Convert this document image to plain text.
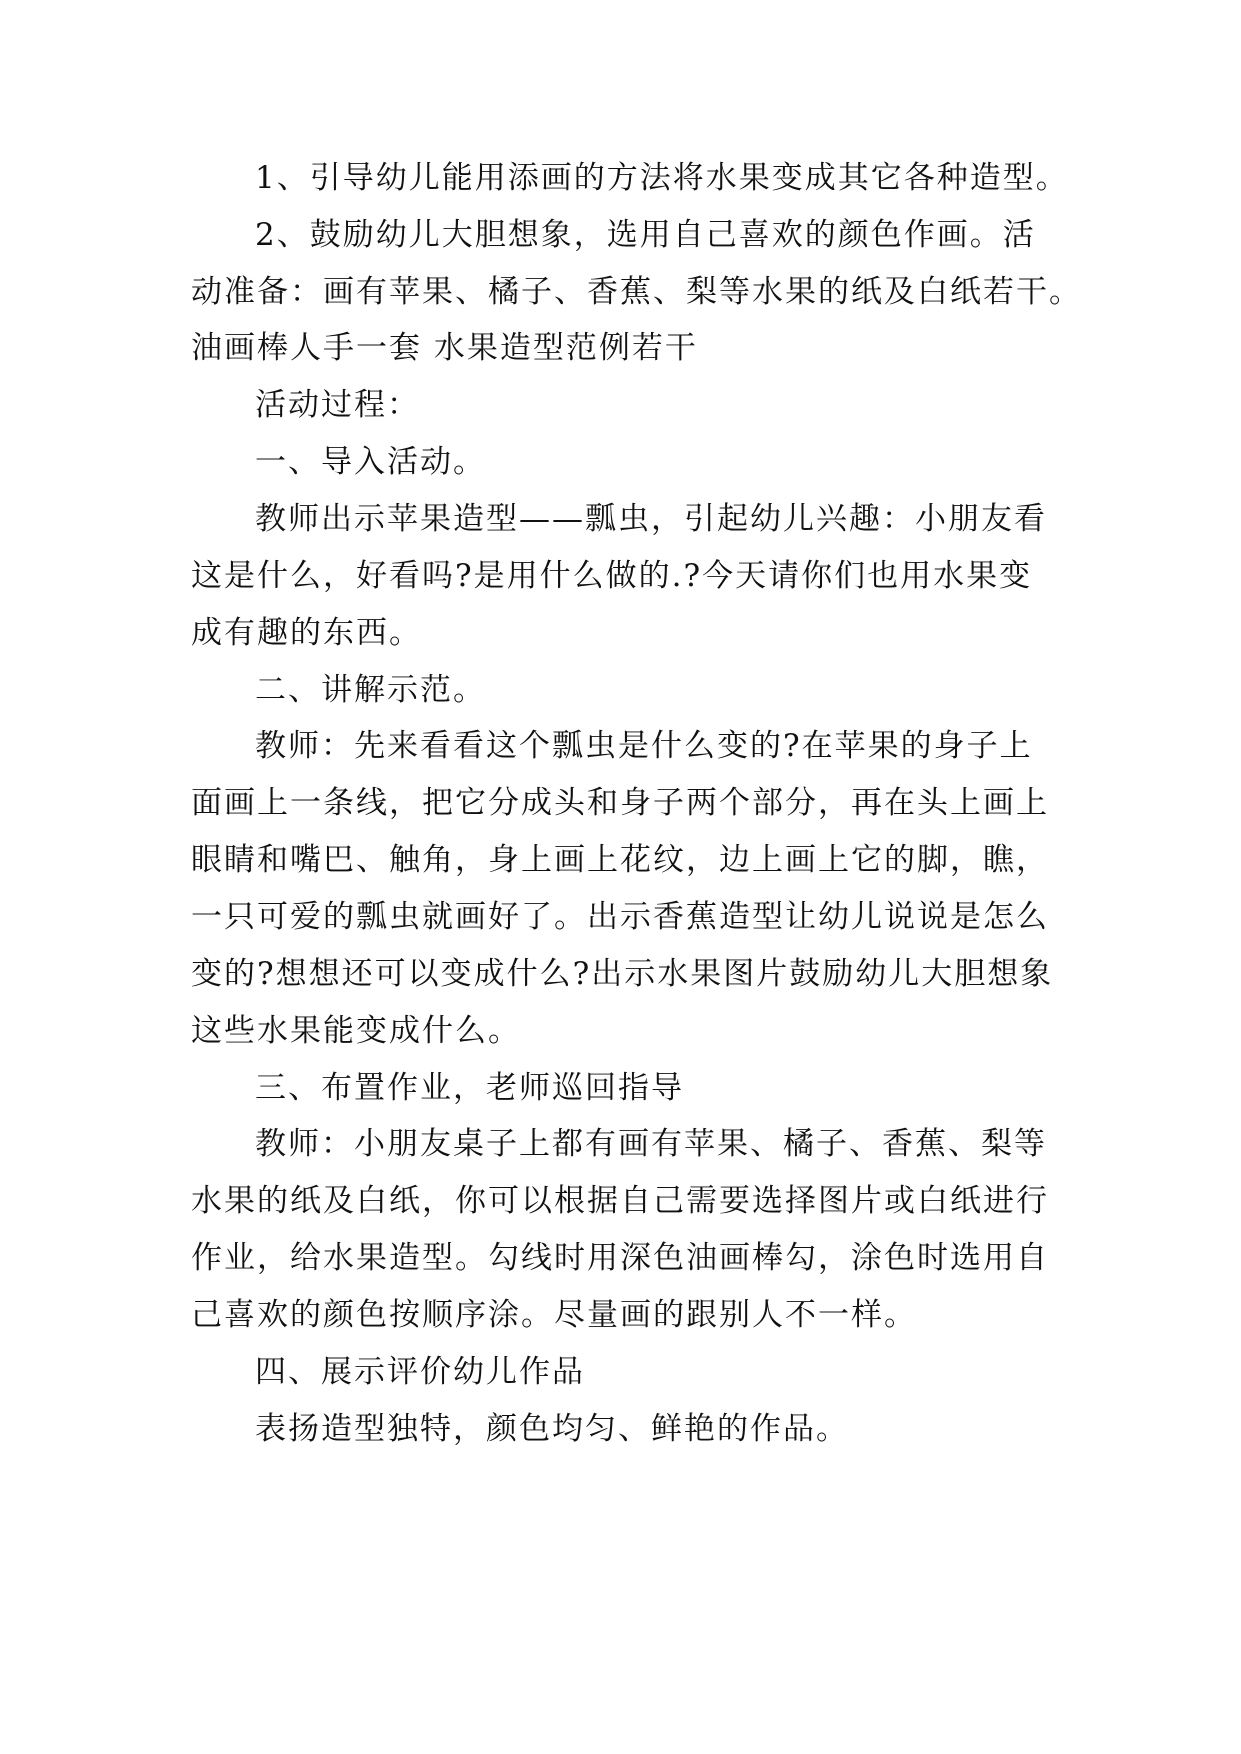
1、引导幼儿能用添画的方法将水果变成其它各种造型。
2、鼓励幼儿大胆想象，选用自己喜欢的颜色作画。活
动准备：画有苹果、橘子、香蕉、梨等水果的纸及白纸若干。
油画棒人手一套 水果造型范例若干
活动过程：
一、导入活动。
教师出示苹果造型——瓢虫，引起幼儿兴趣：小朋友看
这是什么，好看吗?是用什么做的.?今天请你们也用水果变
成有趣的东西。
二、讲解示范。
教师：先来看看这个瓢虫是什么变的?在苹果的身子上
面画上一条线，把它分成头和身子两个部分，再在头上画上
眼睛和嘴巴、触角，身上画上花纹，边上画上它的脚，瞧，
一只可爱的瓢虫就画好了。出示香蕉造型让幼儿说说是怎么
变的?想想还可以变成什么?出示水果图片鼓励幼儿大胆想象
这些水果能变成什么。
三、布置作业，老师巡回指导
教师：小朋友桌子上都有画有苹果、橘子、香蕉、梨等
水果的纸及白纸，你可以根据自己需要选择图片或白纸进行
作业，给水果造型。勾线时用深色油画棒勾，涂色时选用自
己喜欢的颜色按顺序涂。尽量画的跟别人不一样。
四、展示评价幼儿作品
表扬造型独特，颜色均匀、鲜艳的作品。
